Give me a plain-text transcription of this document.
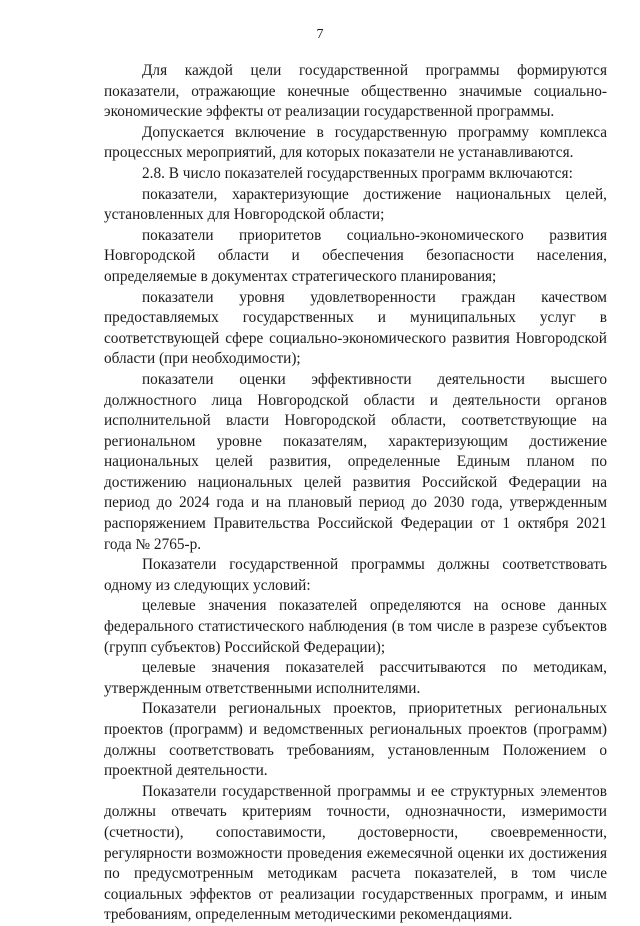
7

Для каждой цели государственной программы формируются показатели, отражающие конечные общественно значимые социально-экономические эффекты от реализации государственной программы.

Допускается включение в государственную программу комплекса процессных мероприятий, для которых показатели не устанавливаются.

2.8. В число показателей государственных программ включаются:

показатели, характеризующие достижение национальных целей, установленных для Новгородской области;

показатели приоритетов социально-экономического развития Новгородской области и обеспечения безопасности населения, определяемые в документах стратегического планирования;

показатели уровня удовлетворенности граждан качеством предоставляемых государственных и муниципальных услуг в соответствующей сфере социально-экономического развития Новгородской области (при необходимости);

показатели оценки эффективности деятельности высшего должностного лица Новгородской области и деятельности органов исполнительной власти Новгородской области, соответствующие на региональном уровне показателям, характеризующим достижение национальных целей развития, определенные Единым планом по достижению национальных целей развития Российской Федерации на период до 2024 года и на плановый период до 2030 года, утвержденным распоряжением Правительства Российской Федерации от 1 октября 2021 года № 2765-р.

Показатели государственной программы должны соответствовать одному из следующих условий:

целевые значения показателей определяются на основе данных федерального статистического наблюдения (в том числе в разрезе субъектов (групп субъектов) Российской Федерации);

целевые значения показателей рассчитываются по методикам, утвержденным ответственными исполнителями.

Показатели региональных проектов, приоритетных региональных проектов (программ) и ведомственных региональных проектов (программ) должны соответствовать требованиям, установленным Положением о проектной деятельности.

Показатели государственной программы и ее структурных элементов должны отвечать критериям точности, однозначности, измеримости (счетности), сопоставимости, достоверности, своевременности, регулярности возможности проведения ежемесячной оценки их достижения по предусмотренным методикам расчета показателей, в том числе социальных эффектов от реализации государственных программ, и иным требованиям, определенным методическими рекомендациями.
